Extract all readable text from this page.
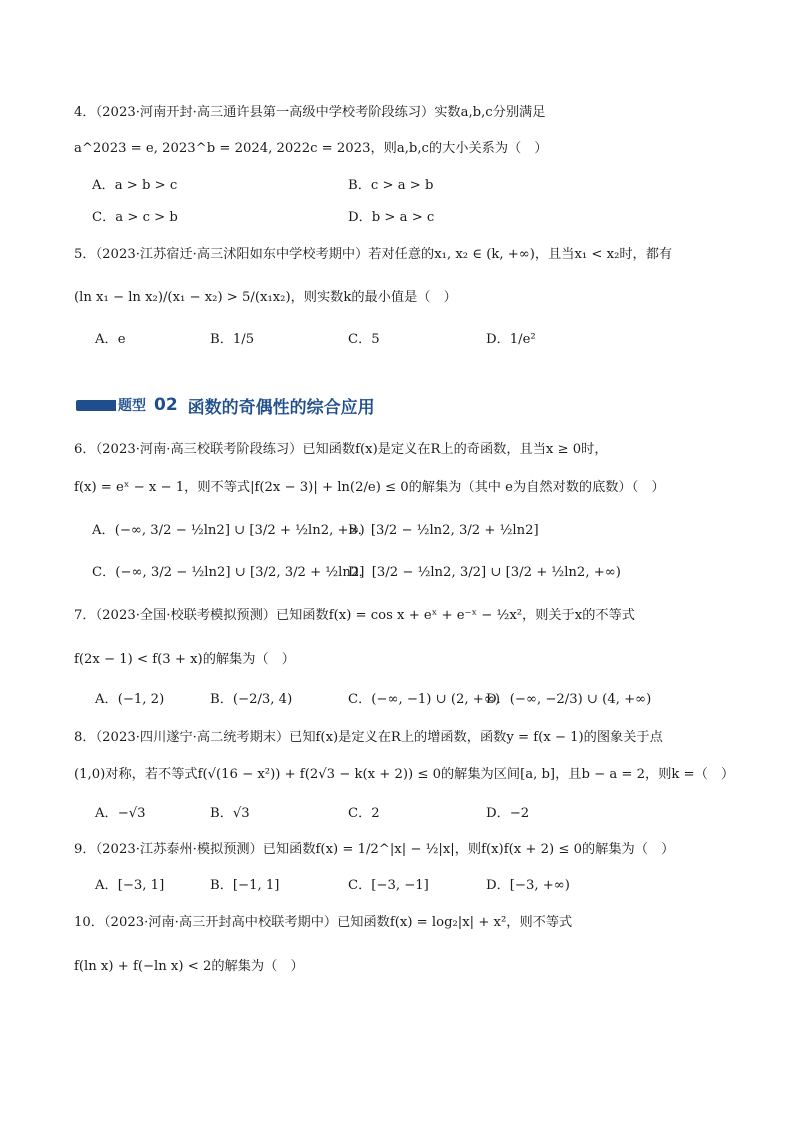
4．（2023·河南开封·高三通许县第一高级中学校考阶段练习）实数a,b,c分别满足
a^2023 = e, 2023^b = 2024, 2022c = 2023，则a,b,c的大小关系为（　）
A．a > b > c	B．c > a > b
C．a > c > b	D．b > a > c
5．（2023·江苏宿迁·高三沭阳如东中学校考期中）若对任意的x₁, x₂ ∈ (k, +∞)，且当x₁ < x₂时，都有
(ln x₁ − ln x₂)/(x₁ − x₂) > 5/(x₁x₂)，则实数k的最小值是（　）
A．e	B．1/5	C．5	D．1/e²
题型 02 函数的奇偶性的综合应用
6．（2023·河南·高三校联考阶段练习）已知函数f(x)是定义在R上的奇函数，且当x ≥ 0时，
f(x) = eˣ − x − 1，则不等式|f(2x − 3)| + ln(2/e) ≤ 0的解集为（其中 e为自然对数的底数）（　）
A．(−∞, 3/2 − ½ln2] ∪ [3/2 + ½ln2, +∞)
B．[3/2 − ½ln2, 3/2 + ½ln2]
C．(−∞, 3/2 − ½ln2] ∪ [3/2, 3/2 + ½ln2]
D．[3/2 − ½ln2, 3/2] ∪ [3/2 + ½ln2, +∞)
7．（2023·全国·校联考模拟预测）已知函数f(x) = cos x + eˣ + e⁻ˣ − ½x²，则关于x的不等式
f(2x − 1) < f(3 + x)的解集为（　）
A．(−1, 2)	B．(−2/3, 4)	C．(−∞, −1) ∪ (2, +∞)
D．(−∞, −2/3) ∪ (4, +∞)
8．（2023·四川遂宁·高二统考期末）已知f(x)是定义在R上的增函数，函数y = f(x − 1)的图象关于点
(1,0)对称，若不等式f(√(16 − x²)) + f(2√3 − k(x + 2)) ≤ 0的解集为区间[a, b]，且b − a = 2，则k =（　）
A．−√3	B．√3	C．2	D．−2
9．（2023·江苏泰州·模拟预测）已知函数f(x) = 1/2^|x| − ½|x|，则f(x)f(x + 2) ≤ 0的解集为（　）
A．[−3, 1]	B．[−1, 1]	C．[−3, −1]	D．[−3, +∞)
10．（2023·河南·高三开封高中校联考期中）已知函数f(x) = log₂|x| + x²，则不等式
f(ln x) + f(−ln x) < 2的解集为（　）
